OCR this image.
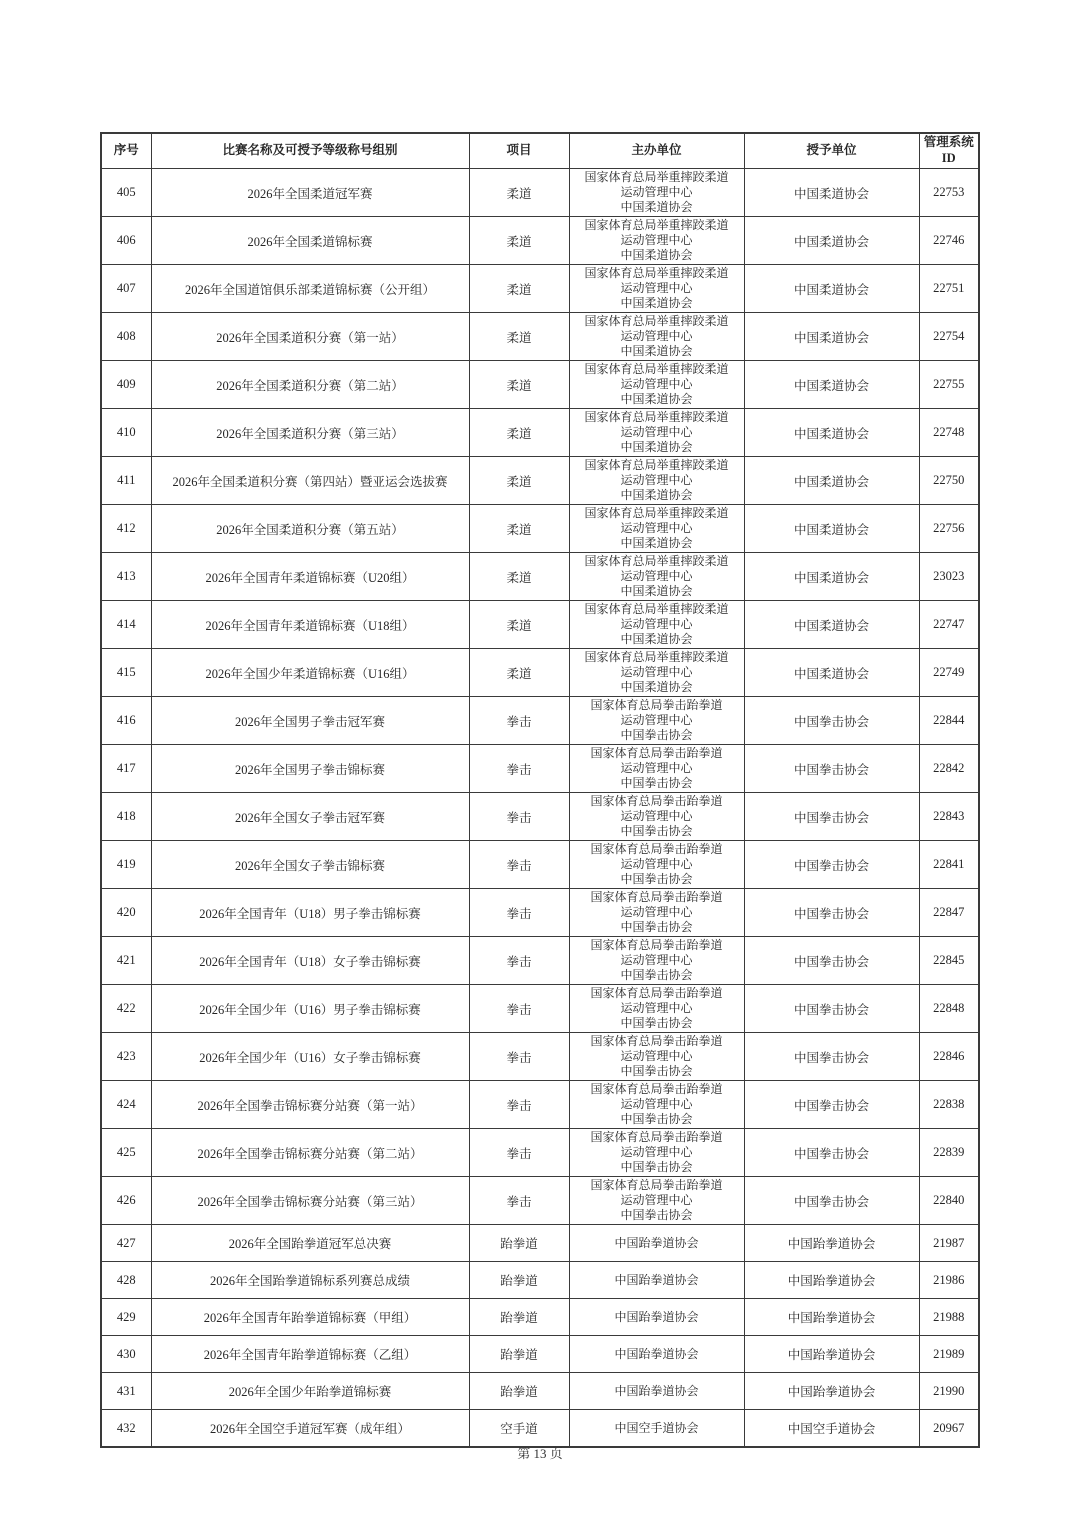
序号	比赛名称及可授予等级称号组别	项目	主办单位	授予单位	管理系统
ID
405	2026年全国柔道冠军赛	柔道	国家体育总局举重摔跤柔道
运动管理中心
中国柔道协会	中国柔道协会	22753
406	2026年全国柔道锦标赛	柔道	国家体育总局举重摔跤柔道
运动管理中心
中国柔道协会	中国柔道协会	22746
407	2026年全国道馆俱乐部柔道锦标赛（公开组）	柔道	国家体育总局举重摔跤柔道
运动管理中心
中国柔道协会	中国柔道协会	22751
408	2026年全国柔道积分赛（第一站）	柔道	国家体育总局举重摔跤柔道
运动管理中心
中国柔道协会	中国柔道协会	22754
409	2026年全国柔道积分赛（第二站）	柔道	国家体育总局举重摔跤柔道
运动管理中心
中国柔道协会	中国柔道协会	22755
410	2026年全国柔道积分赛（第三站）	柔道	国家体育总局举重摔跤柔道
运动管理中心
中国柔道协会	中国柔道协会	22748
411	2026年全国柔道积分赛（第四站）暨亚运会选拔赛	柔道	国家体育总局举重摔跤柔道
运动管理中心
中国柔道协会	中国柔道协会	22750
412	2026年全国柔道积分赛（第五站）	柔道	国家体育总局举重摔跤柔道
运动管理中心
中国柔道协会	中国柔道协会	22756
413	2026年全国青年柔道锦标赛（U20组）	柔道	国家体育总局举重摔跤柔道
运动管理中心
中国柔道协会	中国柔道协会	23023
414	2026年全国青年柔道锦标赛（U18组）	柔道	国家体育总局举重摔跤柔道
运动管理中心
中国柔道协会	中国柔道协会	22747
415	2026年全国少年柔道锦标赛（U16组）	柔道	国家体育总局举重摔跤柔道
运动管理中心
中国柔道协会	中国柔道协会	22749
416	2026年全国男子拳击冠军赛	拳击	国家体育总局拳击跆拳道
运动管理中心
中国拳击协会	中国拳击协会	22844
417	2026年全国男子拳击锦标赛	拳击	国家体育总局拳击跆拳道
运动管理中心
中国拳击协会	中国拳击协会	22842
418	2026年全国女子拳击冠军赛	拳击	国家体育总局拳击跆拳道
运动管理中心
中国拳击协会	中国拳击协会	22843
419	2026年全国女子拳击锦标赛	拳击	国家体育总局拳击跆拳道
运动管理中心
中国拳击协会	中国拳击协会	22841
420	2026年全国青年（U18）男子拳击锦标赛	拳击	国家体育总局拳击跆拳道
运动管理中心
中国拳击协会	中国拳击协会	22847
421	2026年全国青年（U18）女子拳击锦标赛	拳击	国家体育总局拳击跆拳道
运动管理中心
中国拳击协会	中国拳击协会	22845
422	2026年全国少年（U16）男子拳击锦标赛	拳击	国家体育总局拳击跆拳道
运动管理中心
中国拳击协会	中国拳击协会	22848
423	2026年全国少年（U16）女子拳击锦标赛	拳击	国家体育总局拳击跆拳道
运动管理中心
中国拳击协会	中国拳击协会	22846
424	2026年全国拳击锦标赛分站赛（第一站）	拳击	国家体育总局拳击跆拳道
运动管理中心
中国拳击协会	中国拳击协会	22838
425	2026年全国拳击锦标赛分站赛（第二站）	拳击	国家体育总局拳击跆拳道
运动管理中心
中国拳击协会	中国拳击协会	22839
426	2026年全国拳击锦标赛分站赛（第三站）	拳击	国家体育总局拳击跆拳道
运动管理中心
中国拳击协会	中国拳击协会	22840
427	2026年全国跆拳道冠军总决赛	跆拳道	中国跆拳道协会	中国跆拳道协会	21987
428	2026年全国跆拳道锦标系列赛总成绩	跆拳道	中国跆拳道协会	中国跆拳道协会	21986
429	2026年全国青年跆拳道锦标赛（甲组）	跆拳道	中国跆拳道协会	中国跆拳道协会	21988
430	2026年全国青年跆拳道锦标赛（乙组）	跆拳道	中国跆拳道协会	中国跆拳道协会	21989
431	2026年全国少年跆拳道锦标赛	跆拳道	中国跆拳道协会	中国跆拳道协会	21990
432	2026年全国空手道冠军赛（成年组）	空手道	中国空手道协会	中国空手道协会	20967
第 13 页
